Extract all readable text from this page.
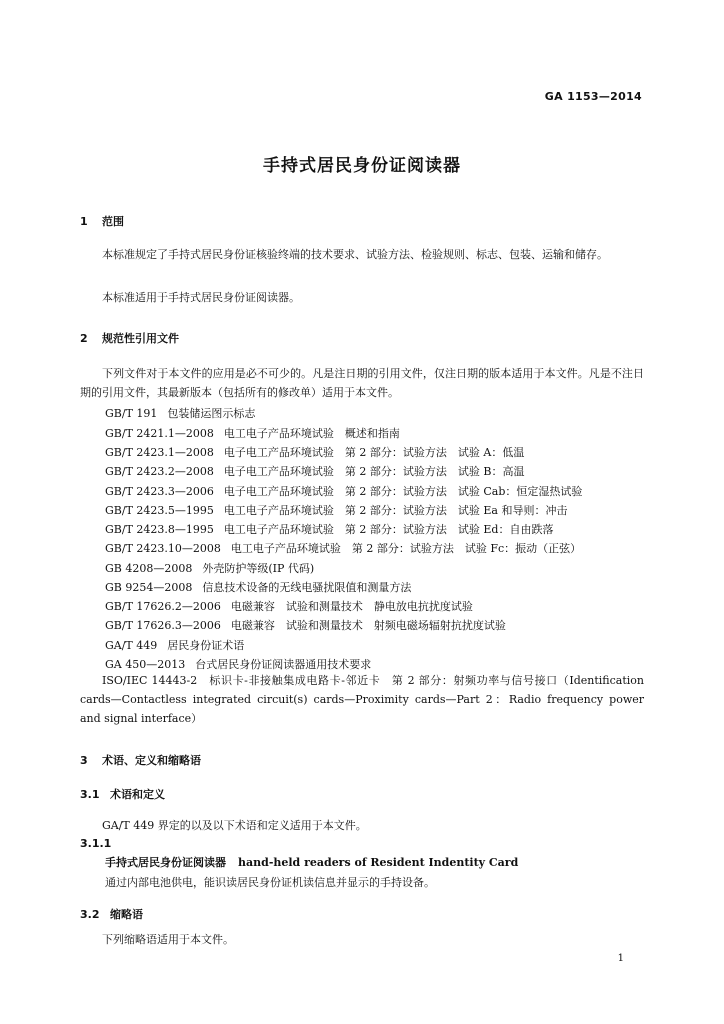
GA 1153—2014
手持式居民身份证阅读器
1 范围
本标准规定了手持式居民身份证核验终端的技术要求、试验方法、检验规则、标志、包装、运输和储存。
本标准适用于手持式居民身份证阅读器。
2 规范性引用文件
下列文件对于本文件的应用是必不可少的。凡是注日期的引用文件，仅注日期的版本适用于本文件。凡是不注日期的引用文件，其最新版本（包括所有的修改单）适用于本文件。
GB/T 191 包装储运图示标志
GB/T 2421.1—2008 电工电子产品环境试验　概述和指南
GB/T 2423.1—2008 电子电工产品环境试验　第 2 部分：试验方法　试验 A：低温
GB/T 2423.2—2008 电子电工产品环境试验　第 2 部分：试验方法　试验 B：高温
GB/T 2423.3—2006 电子电工产品环境试验　第 2 部分：试验方法　试验 Cab：恒定湿热试验
GB/T 2423.5—1995 电工电子产品环境试验　第 2 部分：试验方法　试验 Ea 和导则：冲击
GB/T 2423.8—1995 电工电子产品环境试验　第 2 部分：试验方法　试验 Ed：自由跌落
GB/T 2423.10—2008 电工电子产品环境试验　第 2 部分：试验方法　试验 Fc：振动（正弦）
GB 4208—2008 外壳防护等级(IP 代码)
GB 9254—2008 信息技术设备的无线电骚扰限值和测量方法
GB/T 17626.2—2006 电磁兼容　试验和测量技术　静电放电抗扰度试验
GB/T 17626.3—2006 电磁兼容　试验和测量技术　射频电磁场辐射抗扰度试验
GA/T 449 居民身份证术语
GA 450—2013 台式居民身份证阅读器通用技术要求
ISO/IEC 14443-2　标识卡-非接触集成电路卡-邻近卡　第 2 部分：射频功率与信号接口（Identification cards—Contactless integrated circuit(s) cards—Proximity cards—Part 2：Radio frequency power and signal interface）
3 术语、定义和缩略语
3.1 术语和定义
GA/T 449 界定的以及以下术语和定义适用于本文件。
3.1.1
手持式居民身份证阅读器 hand-held readers of Resident Indentity Card
通过内部电池供电，能识读居民身份证机读信息并显示的手持设备。
3.2 缩略语
下列缩略语适用于本文件。
1
